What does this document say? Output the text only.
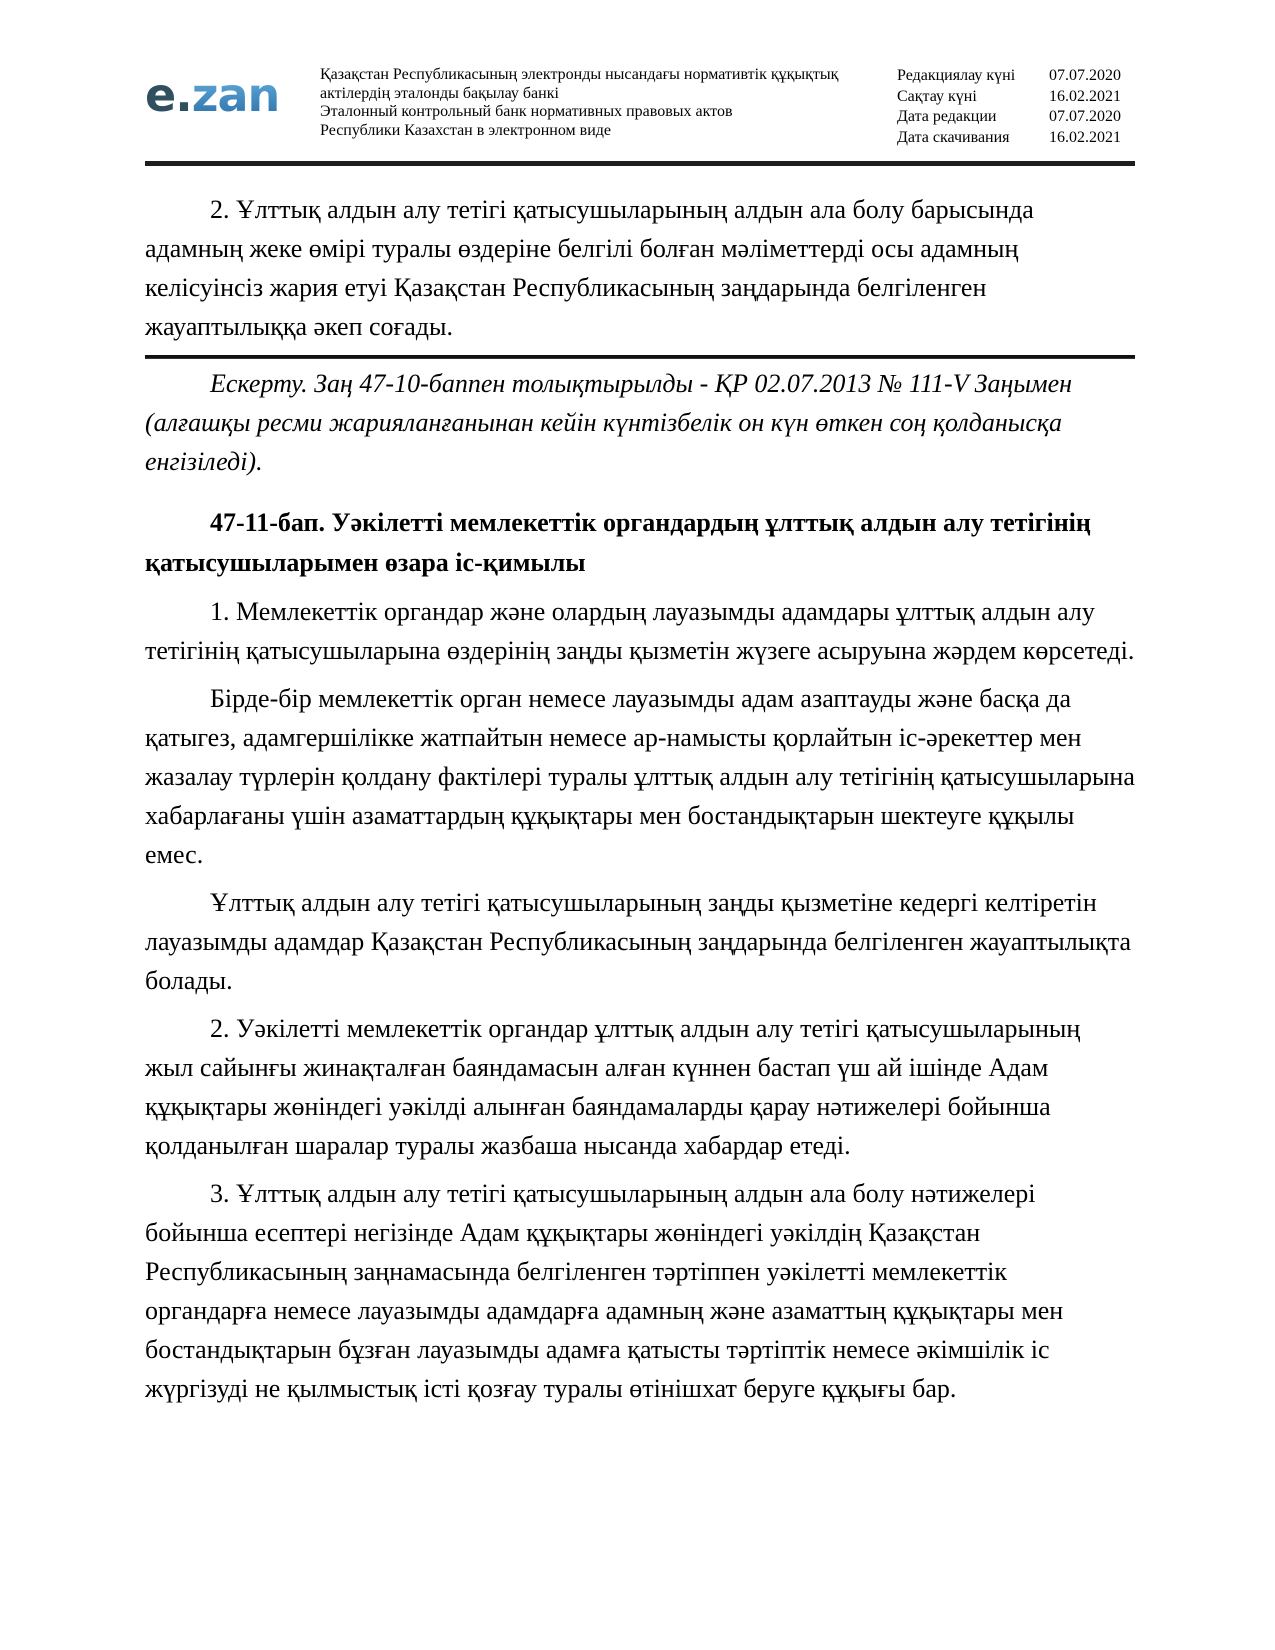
e.zan	Қазақстан Республикасының электронды нысандағы нормативтік құқықтық
актілердің эталонды бақылау банкі
Эталонный контрольный банк нормативных правовых актов
Республики Казахстан в электронном виде
Редакциялау күні 07.07.2020
Сақтау күні	16.02.2021
Дата редакции	07.07.2020
Дата скачивания 16.02.2021

2. Ұлттық алдын алу тетігі қатысушыларының алдын ала болу барысында адамның жеке өмірі туралы өздеріне белгілі болған мәліметтерді осы адамның келісуінсіз жария етуі Қазақстан Республикасының заңдарында белгіленген жауаптылыққа әкеп соғады.

Ескерту. Заң 47-10-баппен толықтырылды - ҚР 02.07.2013 № 111-V Заңымен (алғашқы ресми жарияланғанынан кейін күнтізбелік он күн өткен соң қолданысқа енгізіледі).

47-11-бап. Уәкілетті мемлекеттік органдардың ұлттық алдын алу тетігінің қатысушыларымен өзара іс-қимылы

1. Мемлекеттік органдар және олардың лауазымды адамдары ұлттық алдын алу тетігінің қатысушыларына өздерінің заңды қызметін жүзеге асыруына жәрдем көрсетеді.

Бірде-бір мемлекеттік орган немесе лауазымды адам азаптауды және басқа да қатыгез, адамгершілікке жатпайтын немесе ар-намысты қорлайтын іс-әрекеттер мен жазалау түрлерін қолдану фактілері туралы ұлттық алдын алу тетігінің қатысушыларына хабарлағаны үшін азаматтардың құқықтары мен бостандықтарын шектеуге құқылы емес.

Ұлттық алдын алу тетігі қатысушыларының заңды қызметіне кедергі келтіретін лауазымды адамдар Қазақстан Республикасының заңдарында белгіленген жауаптылықта болады.

2. Уәкілетті мемлекеттік органдар ұлттық алдын алу тетігі қатысушыларының жыл сайынғы жинақталған баяндамасын алған күннен бастап үш ай ішінде Адам құқықтары жөніндегі уәкілді алынған баяндамаларды қарау нәтижелері бойынша қолданылған шаралар туралы жазбаша нысанда хабардар етеді.

3. Ұлттық алдын алу тетігі қатысушыларының алдын ала болу нәтижелері бойынша есептері негізінде Адам құқықтары жөніндегі уәкілдің Қазақстан Республикасының заңнамасында белгіленген тәртіппен уәкілетті мемлекеттік органдарға немесе лауазымды адамдарға адамның және азаматтың құқықтары мен бостандықтарын бұзған лауазымды адамға қатысты тәртіптік немесе әкімшілік іс жүргізуді не қылмыстық істі қозғау туралы өтінішхат беруге құқығы бар.
